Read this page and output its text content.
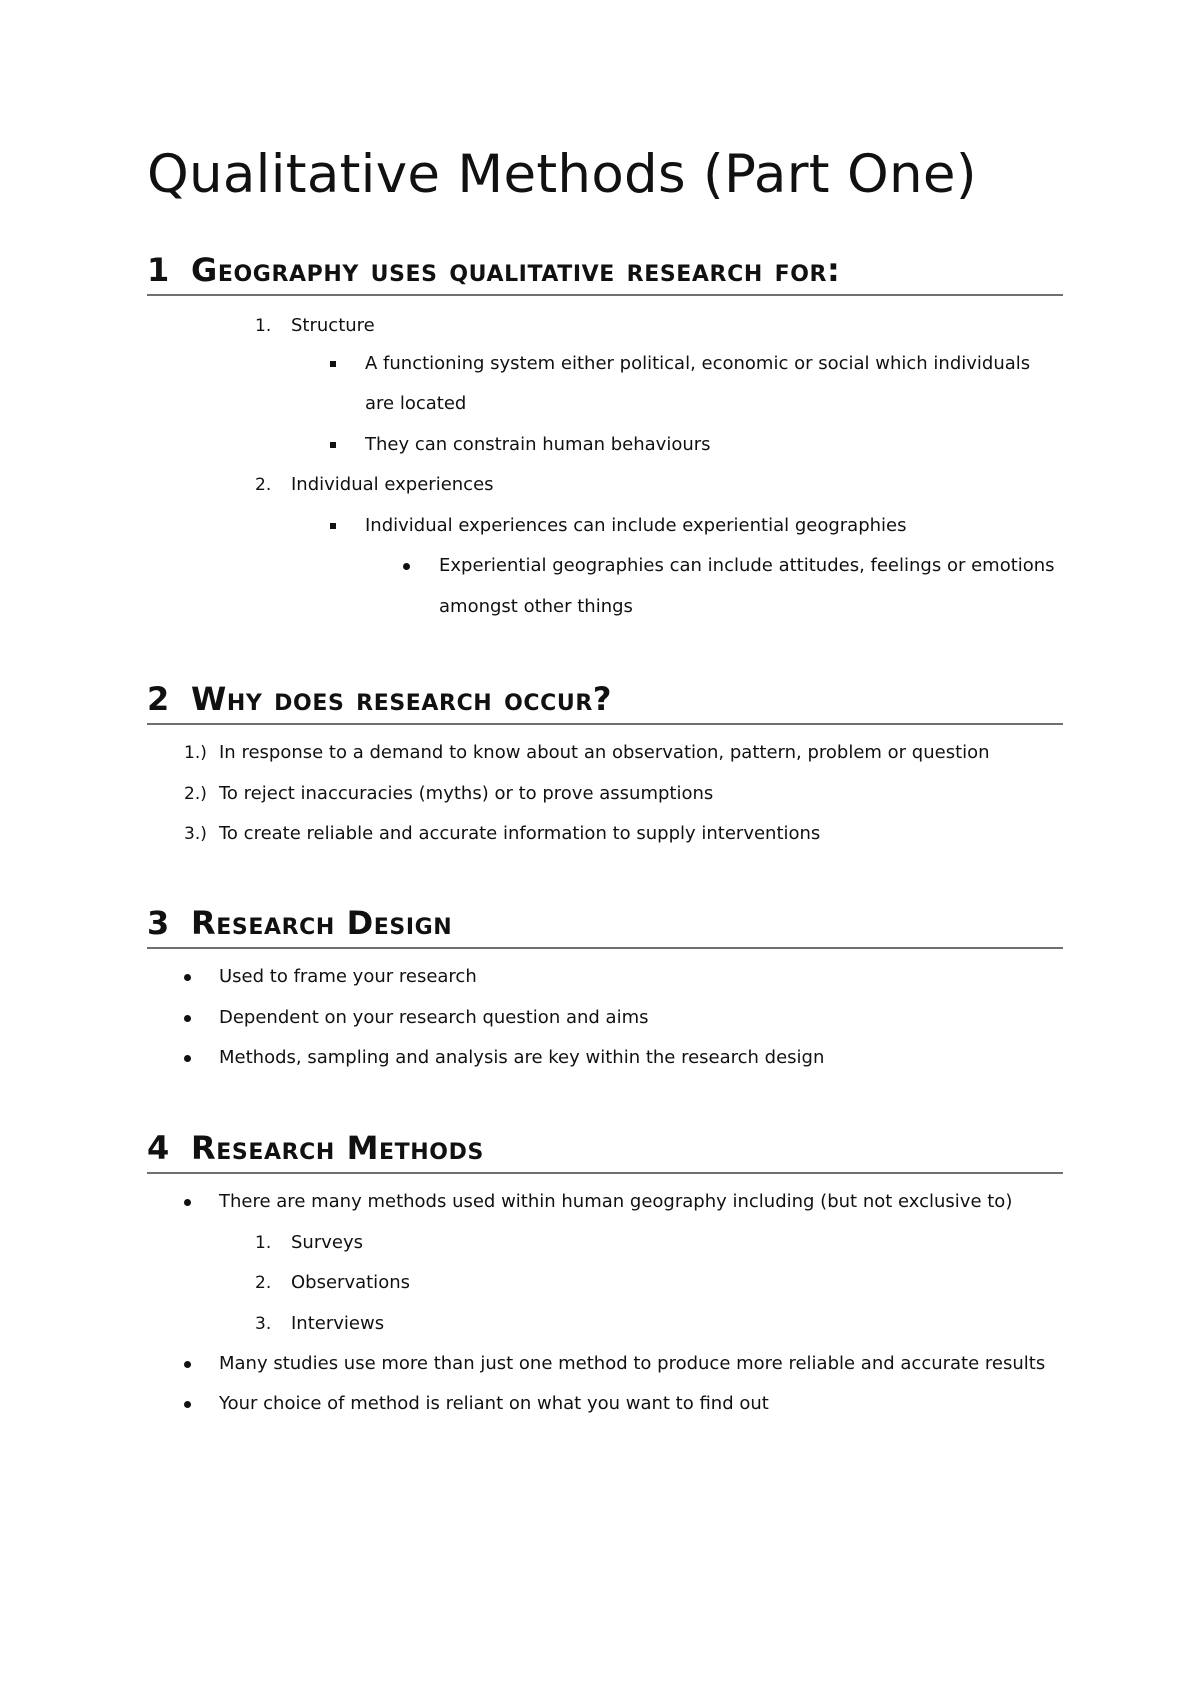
Qualitative Methods (Part One)
1 Geography uses qualitative research for:
1. Structure
A functioning system either political, economic or social which individuals
are located
They can constrain human behaviours
2. Individual experiences
Individual experiences can include experiential geographies
Experiential geographies can include attitudes, feelings or emotions
amongst other things
2 Why does research occur?
1.) In response to a demand to know about an observation, pattern, problem or question
2.) To reject inaccuracies (myths) or to prove assumptions
3.) To create reliable and accurate information to supply interventions
3 Research Design
Used to frame your research
Dependent on your research question and aims
Methods, sampling and analysis are key within the research design
4 Research Methods
There are many methods used within human geography including (but not exclusive to)
1. Surveys
2. Observations
3. Interviews
Many studies use more than just one method to produce more reliable and accurate results
Your choice of method is reliant on what you want to find out
